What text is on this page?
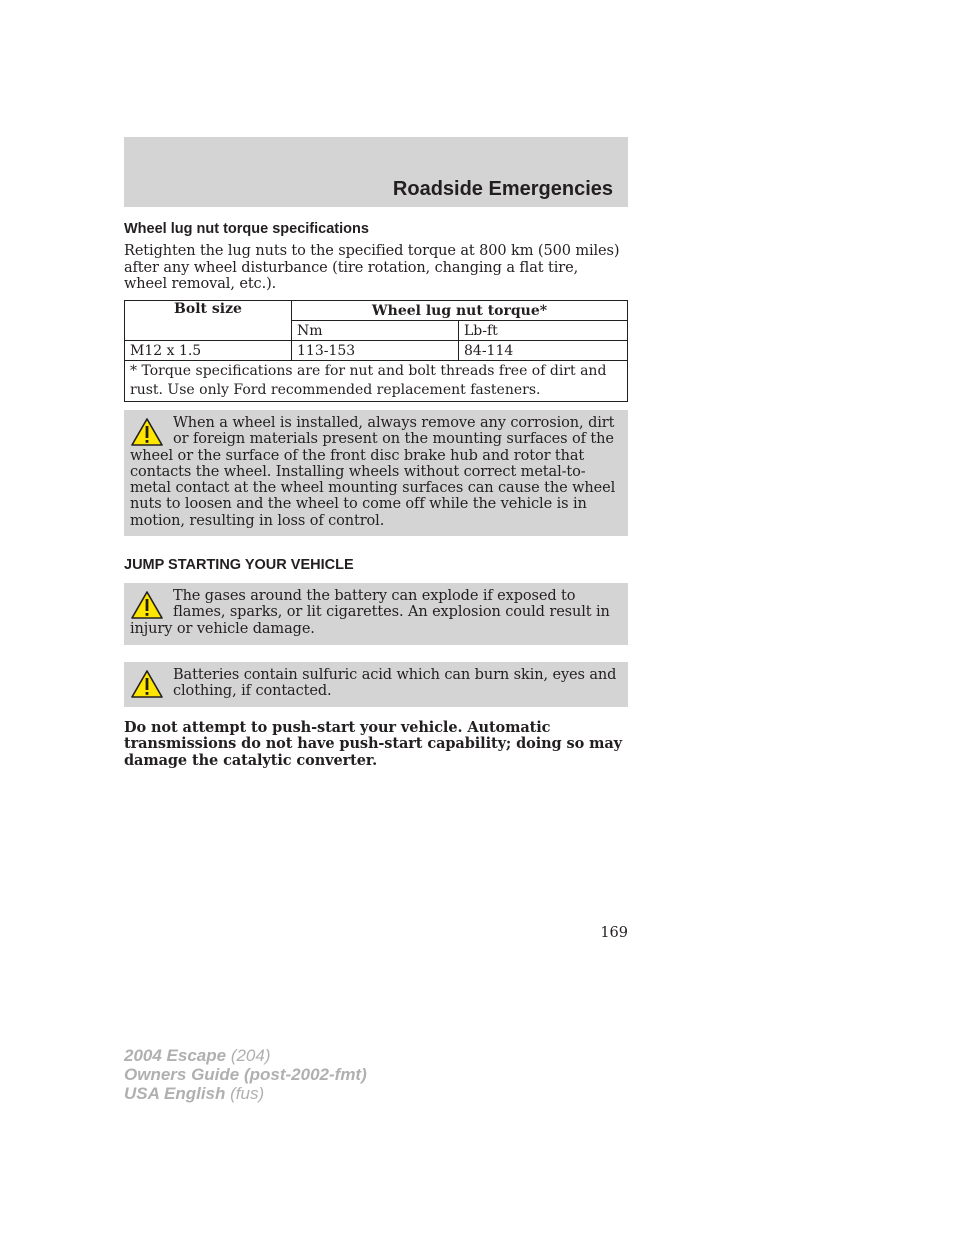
Roadside Emergencies
Wheel lug nut torque specifications
Retighten the lug nuts to the specified torque at 800 km (500 miles) after any wheel disturbance (tire rotation, changing a flat tire, wheel removal, etc.).
Bolt size	Wheel lug nut torque*	
	Nm	Lb-ft
M12 x 1.5	113-153	84-114
* Torque specifications are for nut and bolt threads free of dirt and rust. Use only Ford recommended replacement fasteners.		
When a wheel is installed, always remove any corrosion, dirt or foreign materials present on the mounting surfaces of the wheel or the surface of the front disc brake hub and rotor that contacts the wheel. Installing wheels without correct metal-to-metal contact at the wheel mounting surfaces can cause the wheel nuts to loosen and the wheel to come off while the vehicle is in motion, resulting in loss of control.
JUMP STARTING YOUR VEHICLE
The gases around the battery can explode if exposed to flames, sparks, or lit cigarettes. An explosion could result in injury or vehicle damage.
Batteries contain sulfuric acid which can burn skin, eyes and clothing, if contacted.
Do not attempt to push-start your vehicle. Automatic transmissions do not have push-start capability; doing so may damage the catalytic converter.
169
2004 Escape (204)
Owners Guide (post-2002-fmt)
USA English (fus)
